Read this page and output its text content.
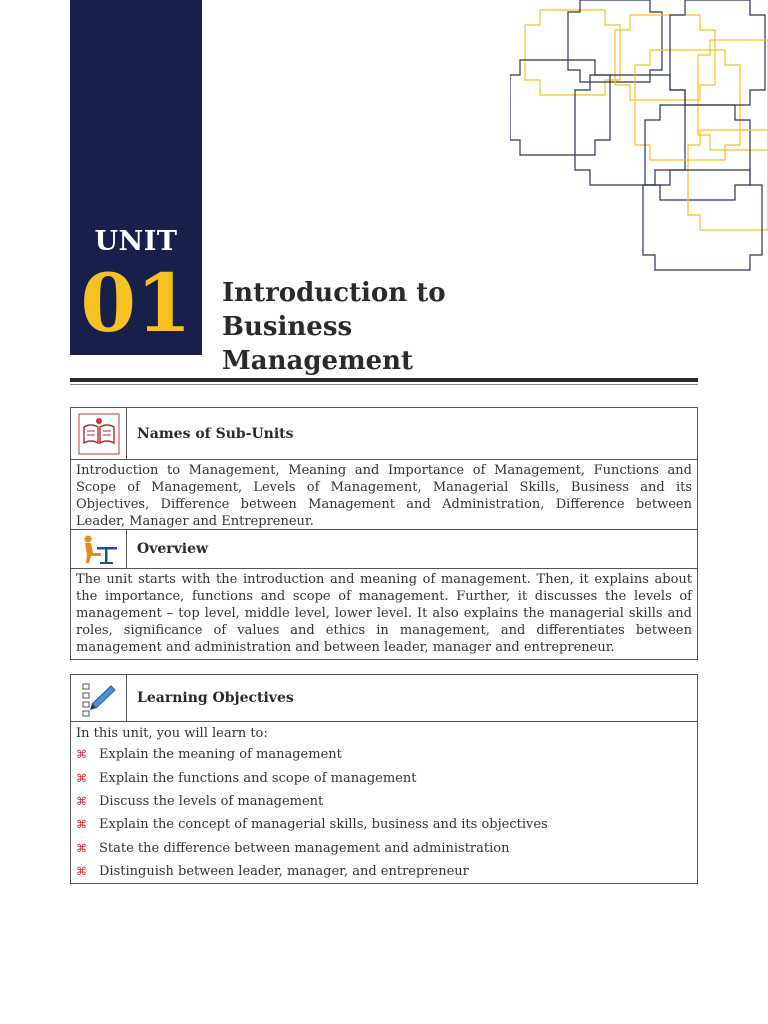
UNIT
01	Introduction to Business Management
Names of Sub-Units
Introduction to Management, Meaning and Importance of Management, Functions and Scope of Management, Levels of Management, Managerial Skills, Business and its Objectives, Difference between Management and Administration, Difference between Leader, Manager and Entrepreneur.
Overview
The unit starts with the introduction and meaning of management. Then, it explains about the importance, functions and scope of management. Further, it discusses the levels of management – top level, middle level, lower level. It also explains the managerial skills and roles, significance of values and ethics in management, and differentiates between management and administration and between leader, manager and entrepreneur.
Learning Objectives
In this unit, you will learn to:
⌘ Explain the meaning of management
⌘ Explain the functions and scope of management
⌘ Discuss the levels of management
⌘ Explain the concept of managerial skills, business and its objectives
⌘ State the difference between management and administration
⌘ Distinguish between leader, manager, and entrepreneur
